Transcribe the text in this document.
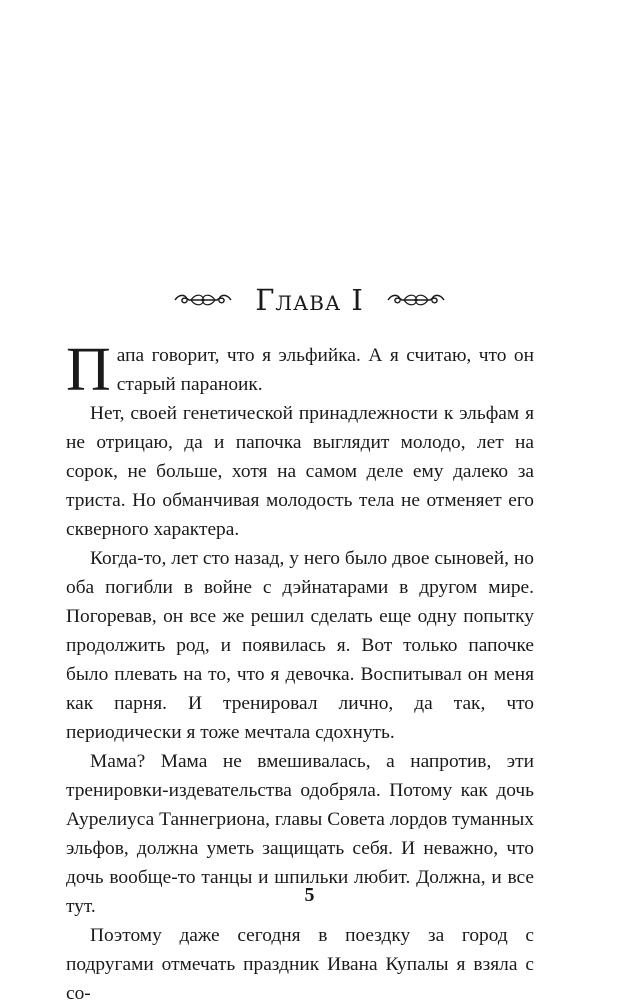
Глава I

Папа говорит, что я эльфийка. А я считаю, что он старый параноик.

Нет, своей генетической принадлежности к эльфам я не отрицаю, да и папочка выглядит молодо, лет на сорок, не больше, хотя на самом деле ему далеко за триста. Но обманчивая молодость тела не отменяет его скверного характера.

Когда-то, лет сто назад, у него было двое сыновей, но оба погибли в войне с дэйнатарами в другом мире. Погоревав, он все же решил сделать еще одну попытку продолжить род, и появилась я. Вот только папочке было плевать на то, что я девочка. Воспитывал он меня как парня. И тренировал лично, да так, что периодически я тоже мечтала сдохнуть.

Мама? Мама не вмешивалась, а напротив, эти тренировки-издевательства одобряла. Потому как дочь Аурелиуса Таннегриона, главы Совета лордов туманных эльфов, должна уметь защищать себя. И неважно, что дочь вообще-то танцы и шпильки любит. Должна, и все тут.

Поэтому даже сегодня в поездку за город с подругами отмечать праздник Ивана Купалы я взяла с со-

5
